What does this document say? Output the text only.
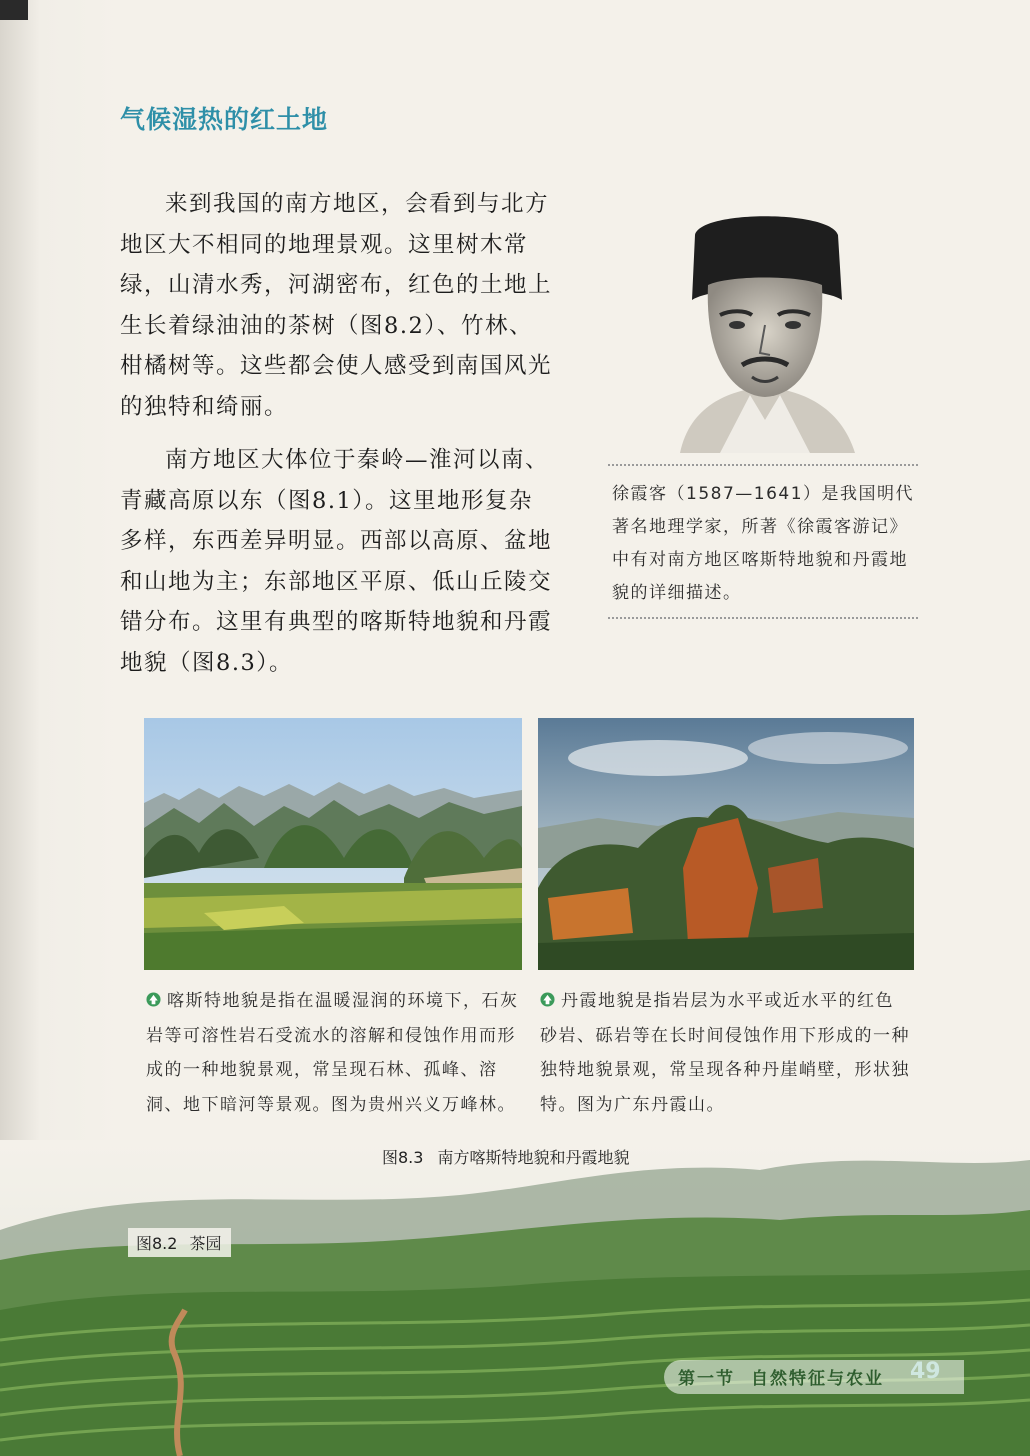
气候湿热的红土地

来到我国的南方地区，会看到与北方地区大不相同的地理景观。这里树木常绿，山清水秀，河湖密布，红色的土地上生长着绿油油的茶树（图8.2）、竹林、柑橘树等。这些都会使人感受到南国风光的独特和绮丽。

南方地区大体位于秦岭—淮河以南、青藏高原以东（图8.1）。这里地形复杂多样，东西差异明显。西部以高原、盆地和山地为主；东部地区平原、低山丘陵交错分布。这里有典型的喀斯特地貌和丹霞地貌（图8.3）。

徐霞客（1587—1641）是我国明代著名地理学家，所著《徐霞客游记》中有对南方地区喀斯特地貌和丹霞地貌的详细描述。

喀斯特地貌是指在温暖湿润的环境下，石灰岩等可溶性岩石受流水的溶解和侵蚀作用而形成的一种地貌景观，常呈现石林、孤峰、溶洞、地下暗河等景观。图为贵州兴义万峰林。

丹霞地貌是指岩层为水平或近水平的红色砂岩、砾岩等在长时间侵蚀作用下形成的一种独特地貌景观，常呈现各种丹崖峭壁，形状独特。图为广东丹霞山。

图8.3 南方喀斯特地貌和丹霞地貌
图8.2 茶园
第一节 自然特征与农业 49
